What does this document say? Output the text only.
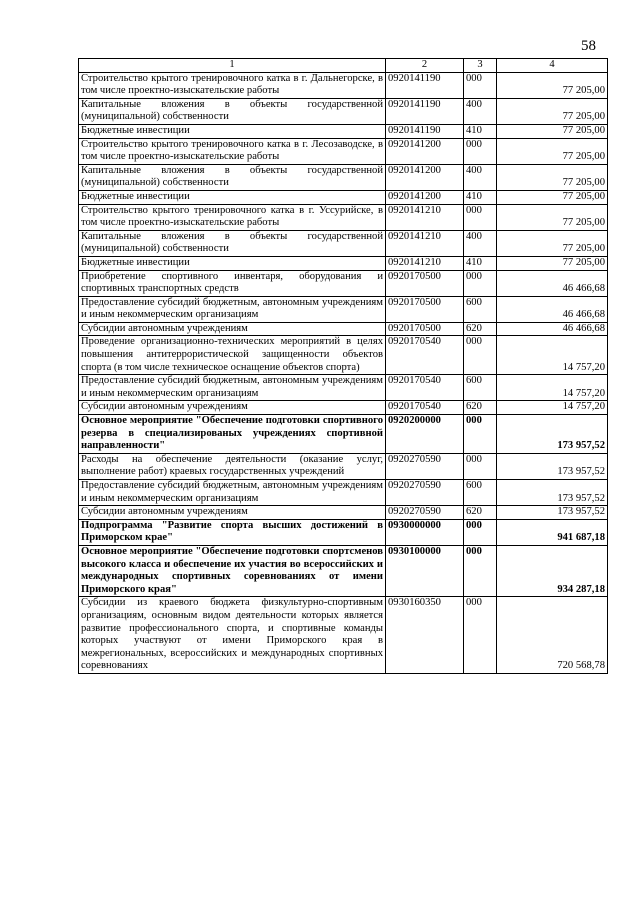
58
1	2	3	4
Строительство крытого тренировочного катка в г. Дальнегорске, в том числе проектно-изыскательские работы	0920141190	000	77 205,00
Капитальные вложения в объекты государственной (муниципальной) собственности	0920141190	400	77 205,00
Бюджетные инвестиции	0920141190	410	77 205,00
Строительство крытого тренировочного катка в г. Лесозаводске, в том числе проектно-изыскательские работы	0920141200	000	77 205,00
Капитальные вложения в объекты государственной (муниципальной) собственности	0920141200	400	77 205,00
Бюджетные инвестиции	0920141200	410	77 205,00
Строительство крытого тренировочного катка в г. Уссурийске, в том числе проектно-изыскательские работы	0920141210	000	77 205,00
Капитальные вложения в объекты государственной (муниципальной) собственности	0920141210	400	77 205,00
Бюджетные инвестиции	0920141210	410	77 205,00
Приобретение спортивного инвентаря, оборудования и спортивных транспортных средств	0920170500	000	46 466,68
Предоставление субсидий бюджетным, автономным учреждениям и иным некоммерческим организациям	0920170500	600	46 466,68
Субсидии автономным учреждениям	0920170500	620	46 466,68
Проведение организационно-технических мероприятий в целях повышения антитеррористической защищенности объектов спорта (в том числе техническое оснащение объектов спорта)	0920170540	000	14 757,20
Предоставление субсидий бюджетным, автономным учреждениям и иным некоммерческим организациям	0920170540	600	14 757,20
Субсидии автономным учреждениям	0920170540	620	14 757,20
Основное мероприятие "Обеспечение подготовки спортивного резерва в специализированых учреждениях спортивной направленности"	0920200000	000	173 957,52
Расходы на обеспечение деятельности (оказание услуг, выполнение работ) краевых государственных учреждений	0920270590	000	173 957,52
Предоставление субсидий бюджетным, автономным учреждениям и иным некоммерческим организациям	0920270590	600	173 957,52
Субсидии автономным учреждениям	0920270590	620	173 957,52
Подпрограмма "Развитие спорта высших достижений в Приморском крае"	0930000000	000	941 687,18
Основное мероприятие "Обеспечение подготовки спортсменов высокого класса и обеспечение их участия во всероссийских и международных спортивных соревнованиях от имени Приморского края"	0930100000	000	934 287,18
Субсидии из краевого бюджета физкультурно-спортивным организациям, основным видом деятельности которых является развитие профессионального спорта, и спортивные команды которых участвуют от имени Приморского края в межрегиональных, всероссийских и международных спортивных соревнованиях	0930160350	000	720 568,78
